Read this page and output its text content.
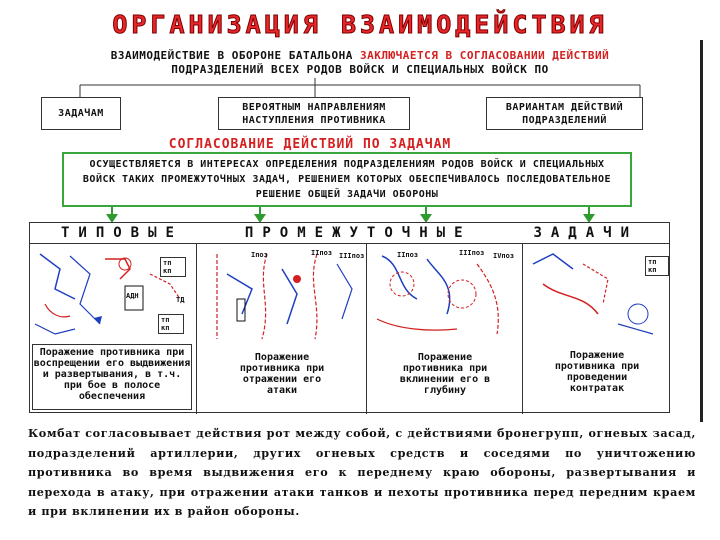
ОРГАНИЗАЦИЯ ВЗАИМОДЕЙСТВИЯ
ВЗАИМОДЕЙСТВИЕ В ОБОРОНЕ БАТАЛЬОНА ЗАКЛЮЧАЕТСЯ В СОГЛАСОВАНИИ ДЕЙСТВИЙ
ПОДРАЗДЕЛЕНИЙ ВСЕХ РОДОВ ВОЙСК И СПЕЦИАЛЬНЫХ ВОЙСК ПО
ЗАДАЧАМ
ВЕРОЯТНЫМ НАПРАВЛЕНИЯМ НАСТУПЛЕНИЯ ПРОТИВНИКА
ВАРИАНТАМ ДЕЙСТВИЙ ПОДРАЗДЕЛЕНИЙ
СОГЛАСОВАНИЕ ДЕЙСТВИЙ ПО ЗАДАЧАМ
ОСУЩЕСТВЛЯЕТСЯ В ИНТЕРЕСАХ ОПРЕДЕЛЕНИЯ ПОДРАЗДЕЛЕНИЯМ РОДОВ ВОЙСК И СПЕЦИАЛЬНЫХ ВОЙСК ТАКИХ ПРОМЕЖУТОЧНЫХ ЗАДАЧ, РЕШЕНИЕМ КОТОРЫХ ОБЕСПЕЧИВАЛОСЬ ПОСЛЕДОВАТЕЛЬНОЕ РЕШЕНИЕ ОБЩЕЙ ЗАДАЧИ ОБОРОНЫ
ТИПОВЫЕ	ПРОМЕЖУТОЧНЫЕ	ЗАДАЧИ
тп кп
тп кп
ТД
АДН
Поражение противника при воспрещении его выдвижения и развертывания, в т.ч. при бое в полосе обеспечения
Iпоз	IIпоз IIIпоз
Поражение противника при отражении его атаки
IIпоз	IIIпоз IVпоз
Поражение противника при вклинении его в глубину
тп кп
Поражение противника при проведении контратак
Комбат согласовывает действия рот между собой, с действиями бронегрупп, огневых засад, подразделений артиллерии, других огневых средств и соседями по уничтожению противника во время выдвижения его к переднему краю обороны, развертывания и перехода в атаку, при отражении атаки танков и пехоты противника перед передним краем и при вклинении их в район обороны.
